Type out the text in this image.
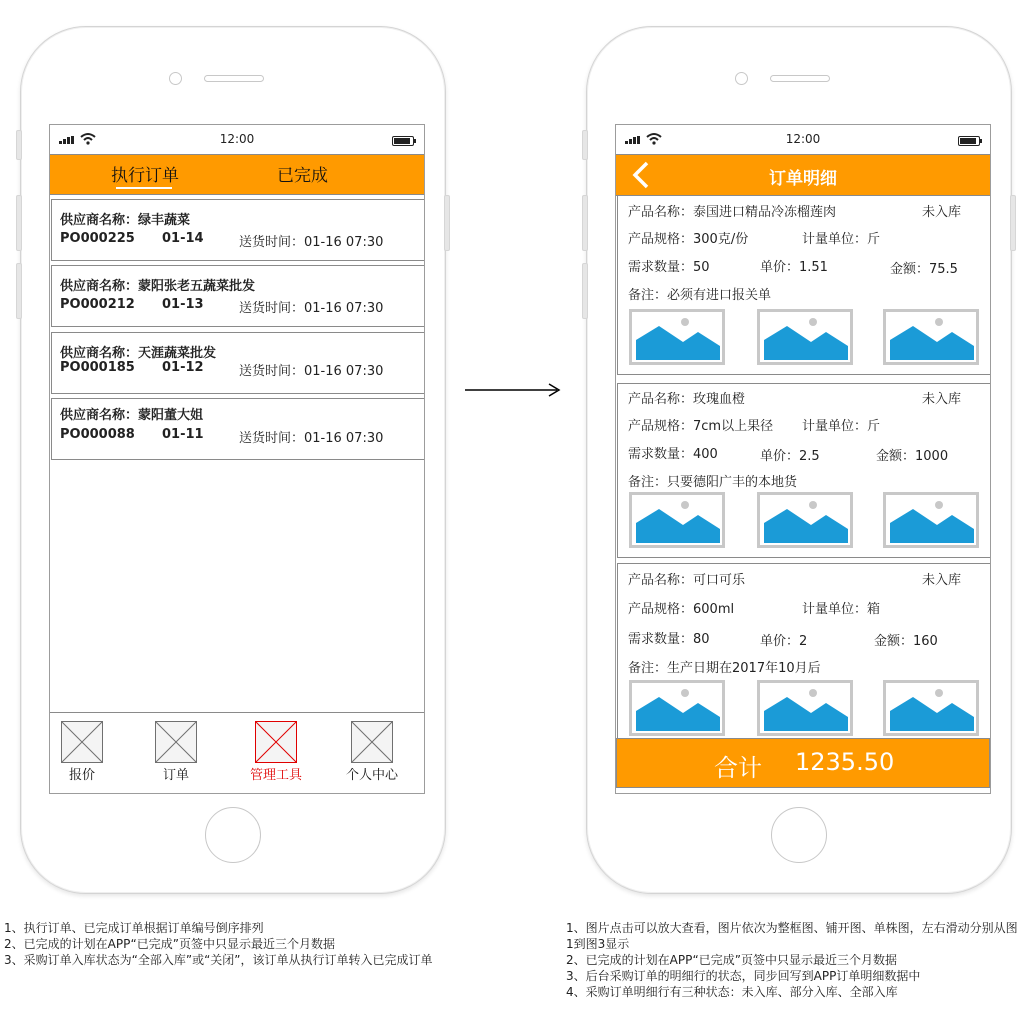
12:00
执行订单	已完成
供应商名称：绿丰蔬菜
PO000225 01-14	送货时间：01-16 07:30
供应商名称：蒙阳张老五蔬菜批发
PO000212 01-13	送货时间：01-16 07:30
供应商名称：天涯蔬菜批发
PO000185 01-12	送货时间：01-16 07:30
供应商名称：蒙阳董大姐
PO000088 01-11	送货时间：01-16 07:30
报价	订单	管理工具	个人中心
12:00
订单明细
产品名称：泰国进口精品冷冻榴莲肉	未入库
产品规格：300克/份	计量单位：斤
需求数量：50	单价：1.51	金额：75.5
备注：必须有进口报关单
产品名称：玫瑰血橙	未入库
产品规格：7cm以上果径 计量单位：斤
需求数量：400	单价：2.5	金额：1000
备注：只要德阳广丰的本地货
产品名称：可口可乐	未入库
产品规格：600ml	计量单位：箱
需求数量：80	单价：2	金额：160
备注：生产日期在2017年10月后
合计 1235.50
1、执行订单、已完成订单根据订单编号倒序排列
2、已完成的计划在APP“已完成”页签中只显示最近三个月数据
3、采购订单入库状态为“全部入库”或“关闭”，该订单从执行订单转入已完成订单
1、图片点击可以放大查看，图片依次为整框图、铺开图、单株图，左右滑动分别从图1到图3显示
2、已完成的计划在APP“已完成”页签中只显示最近三个月数据
3、后台采购订单的明细行的状态，同步回写到APP订单明细数据中
4、采购订单明细行有三种状态：未入库、部分入库、全部入库
